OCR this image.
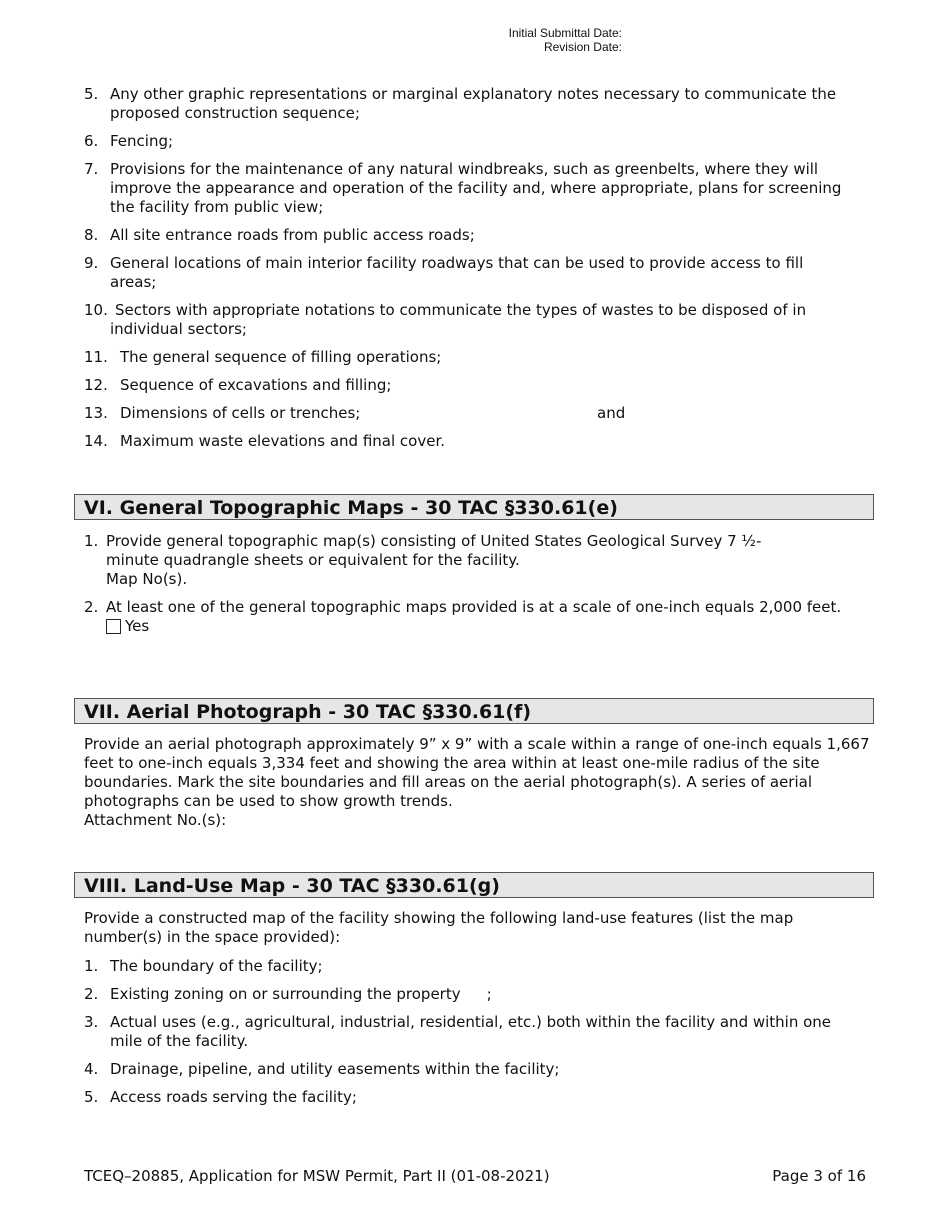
Initial Submittal Date:
Revision Date:
5. Any other graphic representations or marginal explanatory notes necessary to communicate the proposed construction sequence;
6. Fencing;
7. Provisions for the maintenance of any natural windbreaks, such as greenbelts, where they will improve the appearance and operation of the facility and, where appropriate, plans for screening the facility from public view;
8. All site entrance roads from public access roads;
9. General locations of main interior facility roadways that can be used to provide access to fill areas;
10. Sectors with appropriate notations to communicate the types of wastes to be disposed of in individual sectors;
11. The general sequence of filling operations;
12. Sequence of excavations and filling;
13. Dimensions of cells or trenches;	and
14. Maximum waste elevations and final cover.
VI. General Topographic Maps - 30 TAC §330.61(e)
1. Provide general topographic map(s) consisting of United States Geological Survey 7 ½-minute quadrangle sheets or equivalent for the facility.
Map No(s).
2. At least one of the general topographic maps provided is at a scale of one-inch equals 2,000 feet.
Yes
VII. Aerial Photograph - 30 TAC §330.61(f)
Provide an aerial photograph approximately 9” x 9” with a scale within a range of one-inch equals 1,667 feet to one-inch equals 3,334 feet and showing the area within at least one-mile radius of the site boundaries. Mark the site boundaries and fill areas on the aerial photograph(s). A series of aerial photographs can be used to show growth trends.
Attachment No.(s):
VIII. Land-Use Map - 30 TAC §330.61(g)
Provide a constructed map of the facility showing the following land-use features (list the map number(s) in the space provided):
1. The boundary of the facility;
2. Existing zoning on or surrounding the property ;
3. Actual uses (e.g., agricultural, industrial, residential, etc.) both within the facility and within one mile of the facility.
4. Drainage, pipeline, and utility easements within the facility;
5. Access roads serving the facility;
TCEQ–20885, Application for MSW Permit, Part II (01-08-2021)	Page 3 of 16
